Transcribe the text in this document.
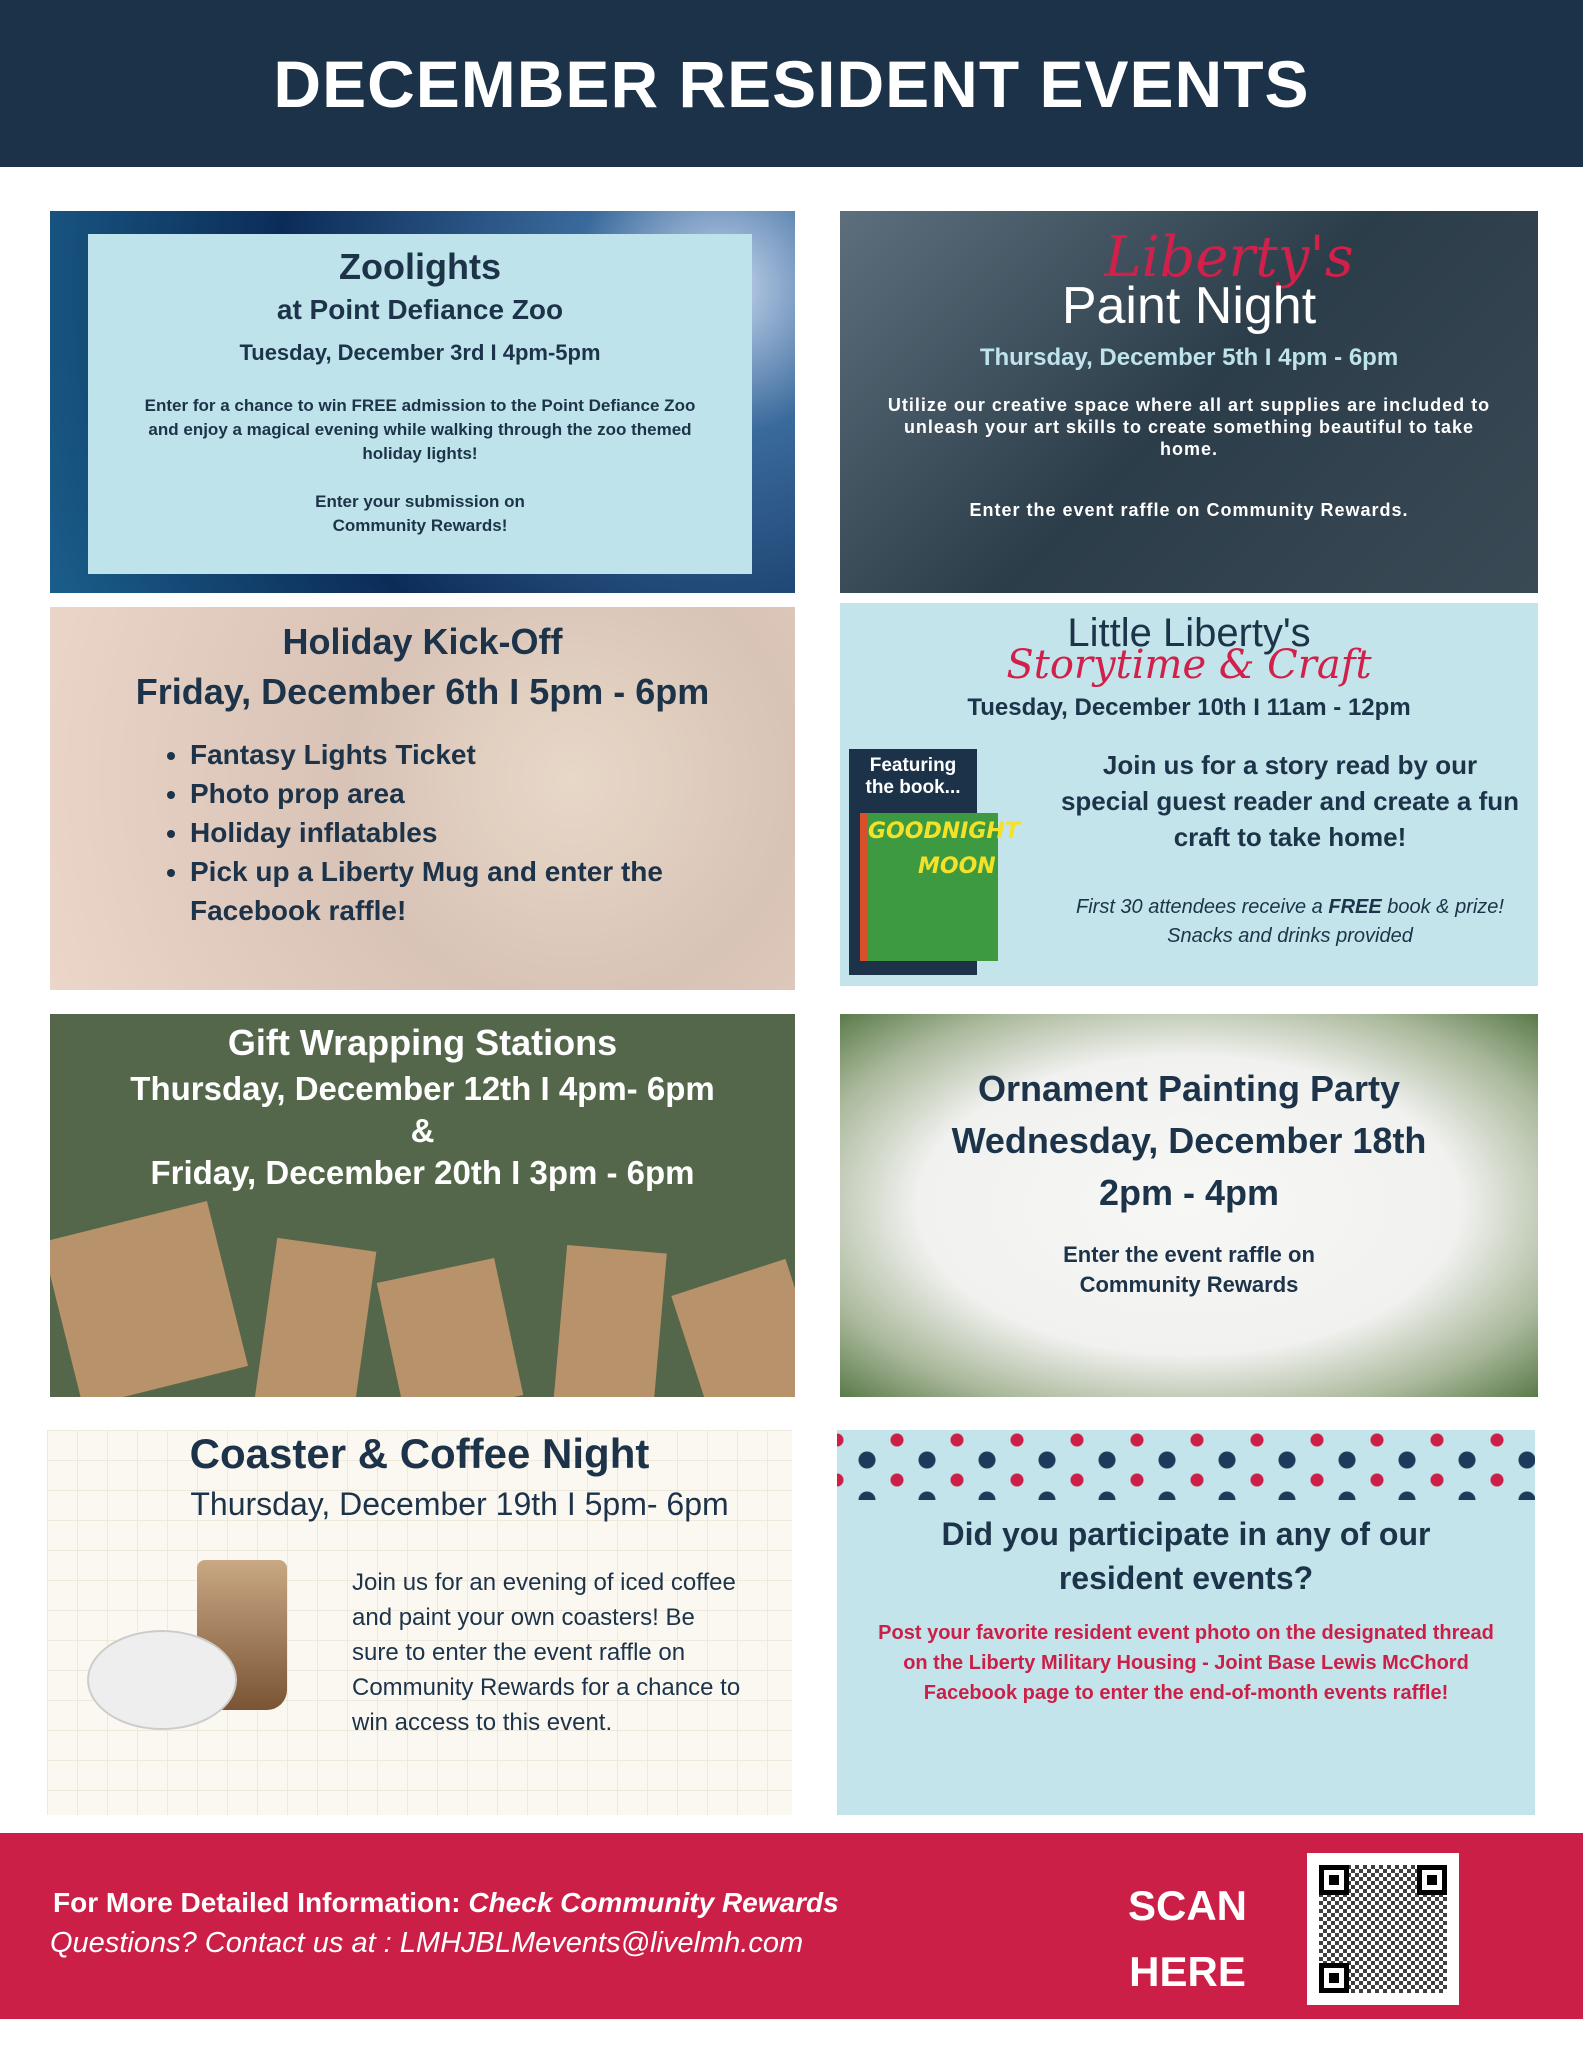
DECEMBER RESIDENT EVENTS
Zoolights
at Point Defiance Zoo
Tuesday, December 3rd I 4pm-5pm
Enter for a chance to win FREE admission to the Point Defiance Zoo and enjoy a magical evening while walking through the zoo themed holiday lights!
Enter your submission on Community Rewards!
Liberty's
Paint Night
Thursday, December 5th I 4pm - 6pm
Utilize our creative space where all art supplies are included to unleash your art skills to create something beautiful to take home.
Enter the event raffle on Community Rewards.
Holiday Kick-Off
Friday, December 6th I 5pm - 6pm
• Fantasy Lights Ticket
• Photo prop area
• Holiday inflatables
• Pick up a Liberty Mug and enter the Facebook raffle!
Little Liberty's
Storytime & Craft
Tuesday, December 10th I 11am - 12pm
Featuring the book...
GOODNIGHT
MOON
Join us for a story read by our special guest reader and create a fun craft to take home!
First 30 attendees receive a FREE book & prize!
Snacks and drinks provided
Gift Wrapping Stations
Thursday, December 12th I 4pm- 6pm
&
Friday, December 20th I 3pm - 6pm
Ornament Painting Party
Wednesday, December 18th
2pm - 4pm
Enter the event raffle on Community Rewards
Coaster & Coffee Night
Thursday, December 19th I 5pm- 6pm
Join us for an evening of iced coffee and paint your own coasters! Be sure to enter the event raffle on Community Rewards for a chance to win access to this event.
Did you participate in any of our resident events?
Post your favorite resident event photo on the designated thread on the Liberty Military Housing - Joint Base Lewis McChord Facebook page to enter the end-of-month events raffle!
For More Detailed Information: Check Community Rewards
Questions? Contact us at : LMHJBLMevents@livelmh.com
SCAN
HERE
